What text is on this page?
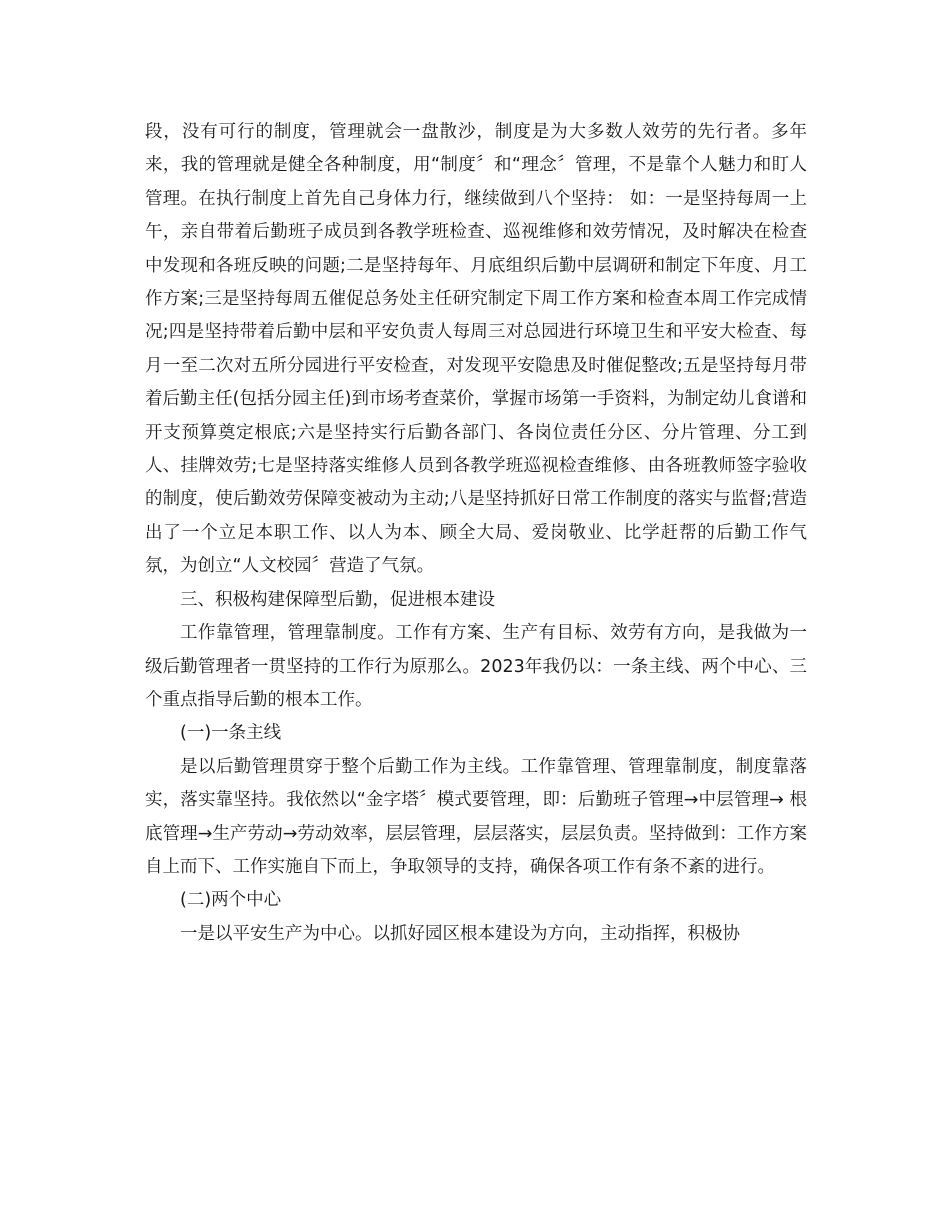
段，没有可行的制度，管理就会一盘散沙，制度是为大多数人效劳的先行者。多年来，我的管理就是健全各种制度，用“制度〞和“理念〞管理，不是靠个人魅力和盯人管理。在执行制度上首先自己身体力行，继续做到八个坚持： 如：一是坚持每周一上午，亲自带着后勤班子成员到各教学班检查、巡视维修和效劳情况，及时解决在检查中发现和各班反映的问题;二是坚持每年、月底组织后勤中层调研和制定下年度、月工作方案;三是坚持每周五催促总务处主任研究制定下周工作方案和检查本周工作完成情况;四是坚持带着后勤中层和平安负责人每周三对总园进行环境卫生和平安大检查、每月一至二次对五所分园进行平安检查，对发现平安隐患及时催促整改;五是坚持每月带着后勤主任(包括分园主任)到市场考查菜价，掌握市场第一手资料，为制定幼儿食谱和开支预算奠定根底;六是坚持实行后勤各部门、各岗位责任分区、分片管理、分工到人、挂牌效劳;七是坚持落实维修人员到各教学班巡视检查维修、由各班教师签字验收的制度，使后勤效劳保障变被动为主动;八是坚持抓好日常工作制度的落实与监督;营造出了一个立足本职工作、以人为本、顾全大局、爱岗敬业、比学赶帮的后勤工作气氛，为创立“人文校园〞营造了气氛。

三、积极构建保障型后勤，促进根本建设

工作靠管理，管理靠制度。工作有方案、生产有目标、效劳有方向，是我做为一级后勤管理者一贯坚持的工作行为原那么。2023年我仍以：一条主线、两个中心、三个重点指导后勤的根本工作。

(一)一条主线

是以后勤管理贯穿于整个后勤工作为主线。工作靠管理、管理靠制度，制度靠落实，落实靠坚持。我依然以“金字塔〞模式要管理，即：后勤班子管理→中层管理→ 根底管理→生产劳动→劳动效率，层层管理，层层落实，层层负责。坚持做到：工作方案自上而下、工作实施自下而上，争取领导的支持，确保各项工作有条不紊的进行。

(二)两个中心

一是以平安生产为中心。以抓好园区根本建设为方向，主动指挥，积极协
